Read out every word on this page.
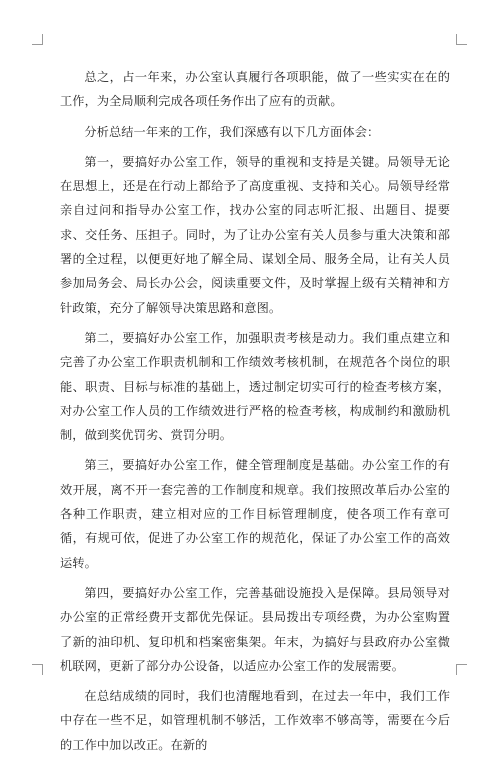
总之，占一年来，办公室认真履行各项职能，做了一些实实在在的工作，为全局顺利完成各项任务作出了应有的贡献。

分析总结一年来的工作，我们深感有以下几方面体会：

第一，要搞好办公室工作，领导的重视和支持是关键。局领导无论在思想上，还是在行动上都给予了高度重视、支持和关心。局领导经常亲自过问和指导办公室工作，找办公室的同志听汇报、出题目、提要求、交任务、压担子。同时，为了让办公室有关人员参与重大决策和部署的全过程，以便更好地了解全局、谋划全局、服务全局，让有关人员参加局务会、局长办公会，阅读重要文件，及时掌握上级有关精神和方针政策，充分了解领导决策思路和意图。

第二，要搞好办公室工作，加强职责考核是动力。我们重点建立和完善了办公室工作职责机制和工作绩效考核机制，在规范各个岗位的职能、职责、目标与标准的基础上，透过制定切实可行的检查考核方案，对办公室工作人员的工作绩效进行严格的检查考核，构成制约和激励机制，做到奖优罚劣、赏罚分明。

第三，要搞好办公室工作，健全管理制度是基础。办公室工作的有效开展，离不开一套完善的工作制度和规章。我们按照改革后办公室的各种工作职责，建立相对应的工作目标管理制度，使各项工作有章可循，有规可依，促进了办公室工作的规范化，保证了办公室工作的高效运转。

第四，要搞好办公室工作，完善基础设施投入是保障。县局领导对办公室的正常经费开支都优先保证。县局拨出专项经费，为办公室购置了新的油印机、复印机和档案密集架。年末，为搞好与县政府办公室微机联网，更新了部分办公设备，以适应办公室工作的发展需要。

在总结成绩的同时，我们也清醒地看到，在过去一年中，我们工作中存在一些不足，如管理机制不够活，工作效率不够高等，需要在今后的工作中加以改正。在新的
